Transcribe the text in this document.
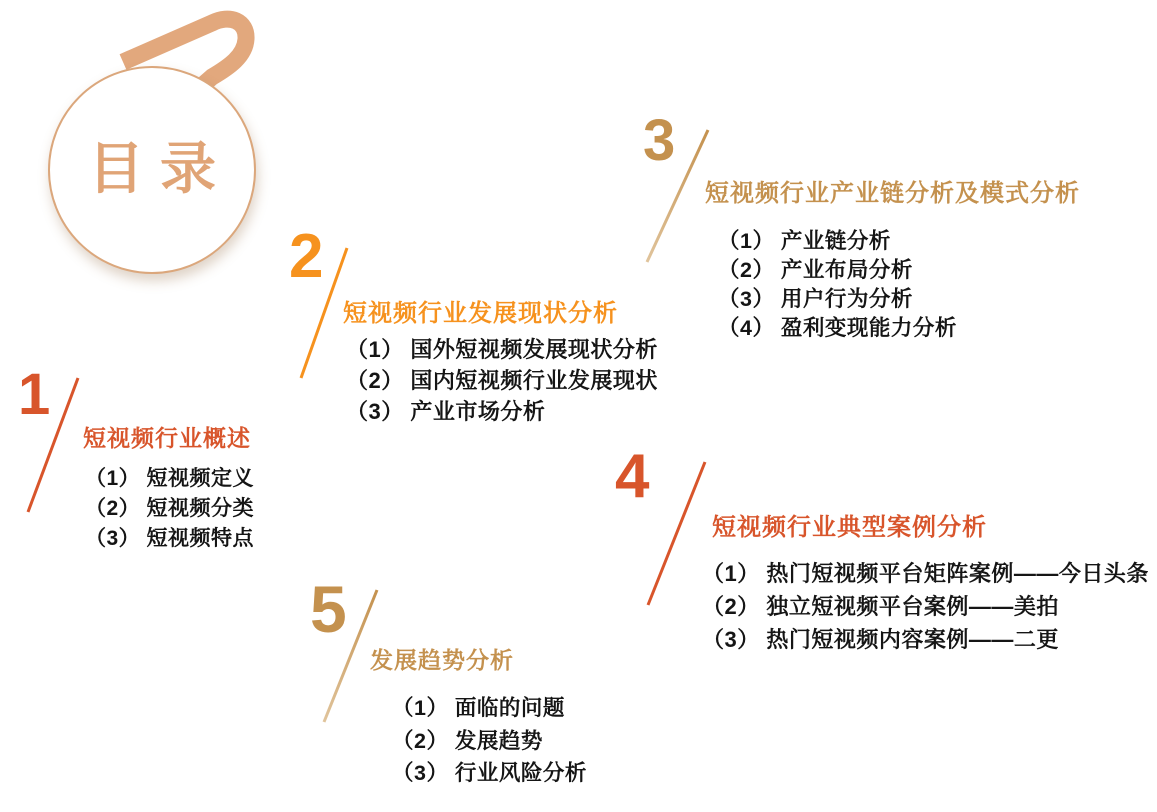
目录
1
短视频行业概述
（1） 短视频定义
（2） 短视频分类
（3） 短视频特点
2
短视频行业发展现状分析
（1） 国外短视频发展现状分析
（2） 国内短视频行业发展现状
（3） 产业市场分析
3
短视频行业产业链分析及模式分析
（1） 产业链分析
（2） 产业布局分析
（3） 用户行为分析
（4） 盈利变现能力分析
4
短视频行业典型案例分析
（1） 热门短视频平台矩阵案例——今日头条
（2） 独立短视频平台案例——美拍
（3） 热门短视频内容案例——二更
5
发展趋势分析
（1） 面临的问题
（2） 发展趋势
（3） 行业风险分析
